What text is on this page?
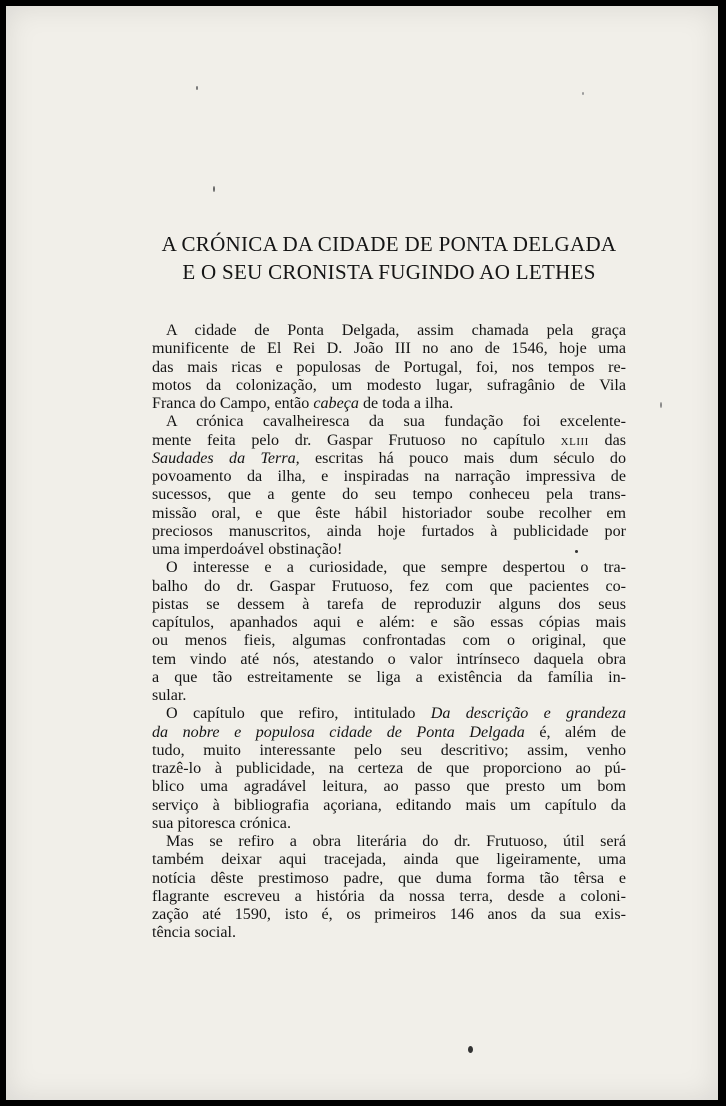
A CRÓNICA DA CIDADE DE PONTA DELGADA
E O SEU CRONISTA FUGINDO AO LETHES
A cidade de Ponta Delgada, assim chamada pela graça
munificente de El Rei D. João III no ano de 1546, hoje uma
das mais ricas e populosas de Portugal, foi, nos tempos re-
motos da colonização, um modesto lugar, sufragânio de Vila
Franca do Campo, então cabeça de toda a ilha.
A crónica cavalheiresca da sua fundação foi excelente-
mente feita pelo dr. Gaspar Frutuoso no capítulo xliii das
Saudades da Terra, escritas há pouco mais dum século do
povoamento da ilha, e inspiradas na narração impressiva de
sucessos, que a gente do seu tempo conheceu pela trans-
missão oral, e que êste hábil historiador soube recolher em
preciosos manuscritos, ainda hoje furtados à publicidade por
uma imperdoável obstinação!
O interesse e a curiosidade, que sempre despertou o tra-
balho do dr. Gaspar Frutuoso, fez com que pacientes co-
pistas se dessem à tarefa de reproduzir alguns dos seus
capítulos, apanhados aqui e além: e são essas cópias mais
ou menos fieis, algumas confrontadas com o original, que
tem vindo até nós, atestando o valor intrínseco daquela obra
a que tão estreitamente se liga a existência da família in-
sular.
O capítulo que refiro, intitulado Da descrição e grandeza
da nobre e populosa cidade de Ponta Delgada é, além de
tudo, muito interessante pelo seu descritivo; assim, venho
trazê-lo à publicidade, na certeza de que proporciono ao pú-
blico uma agradável leitura, ao passo que presto um bom
serviço à bibliografia açoriana, editando mais um capítulo da
sua pitoresca crónica.
Mas se refiro a obra literária do dr. Frutuoso, útil será
também deixar aqui tracejada, ainda que ligeiramente, uma
notícia dêste prestimoso padre, que duma forma tão têrsa e
flagrante escreveu a história da nossa terra, desde a coloni-
zação até 1590, isto é, os primeiros 146 anos da sua exis-
tência social.
